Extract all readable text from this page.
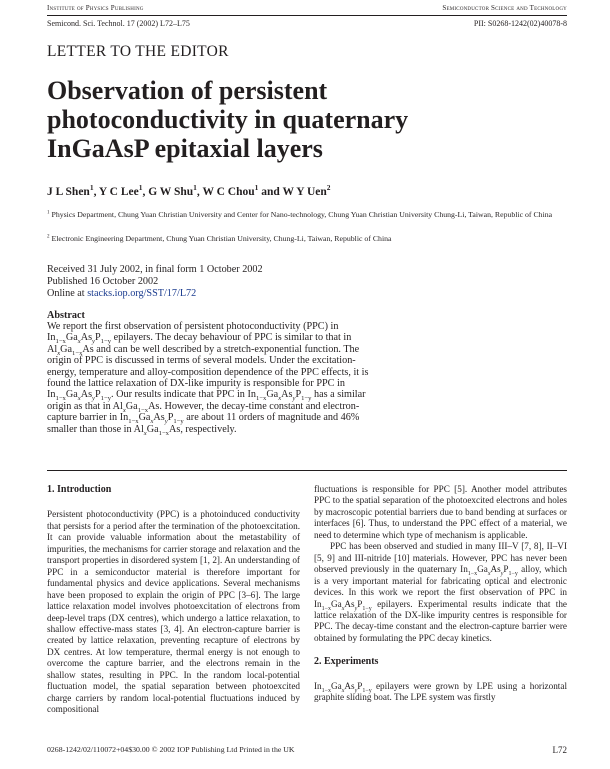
Institute of Physics Publishing	Semiconductor Science and Technology
Semicond. Sci. Technol. 17 (2002) L72–L75	PII: S0268-1242(02)40078-8
LETTER TO THE EDITOR
Observation of persistent
photoconductivity in quaternary
InGaAsP epitaxial layers
J L Shen$^1$, Y C Lee$^1$, G W Shu$^1$, W C Chou$^1$ and W Y Uen$^2$
$^1$ Physics Department, Chung Yuan Christian University and Center for Nano-technology, Chung Yuan Christian University Chung-Li, Taiwan, Republic of China
$^2$ Electronic Engineering Department, Chung Yuan Christian University, Chung-Li, Taiwan, Republic of China
Received 31 July 2002, in final form 1 October 2002
Published 16 October 2002
Online at stacks.iop.org/SST/17/L72
Abstract
We report the first observation of persistent photoconductivity (PPC) in $In_{1-x}Ga_xAs_yP_{1-y}$ epilayers. The decay behaviour of PPC is similar to that in $Al_xGa_{1-x}As$ and can be well described by a stretch-exponential function. The origin of PPC is discussed in terms of several models. Under the excitation-energy, temperature and alloy-composition dependence of the PPC effects, it is found the lattice relaxation of DX-like impurity is responsible for PPC in $In_{1-x}Ga_xAs_yP_{1-y}$. Our results indicate that PPC in $In_{1-x}Ga_xAs_yP_{1-y}$ has a similar origin as that in $Al_xGa_{1-x}As$. However, the decay-time constant and electron-capture barrier in $In_{1-x}Ga_xAs_yP_{1-y}$ are about 11 orders of magnitude and 46% smaller than those in $Al_xGa_{1-x}As$, respectively.
1. Introduction

Persistent photoconductivity (PPC) is a photoinduced conductivity that persists for a period after the termination of the photoexcitation. It can provide valuable information about the metastability of impurities, the mechanisms for carrier storage and relaxation and the transport properties in disordered system [1, 2]. An understanding of PPC in a semiconductor material is therefore important for fundamental physics and device applications. Several mechanisms have been proposed to explain the origin of PPC [3–6]. The large lattice relaxation model involves photoexcitation of electrons from deep-level traps (DX centres), which undergo a lattice relaxation, to shallow effective-mass states [3, 4]. An electron-capture barrier is created by lattice relaxation, preventing recapture of electrons by DX centres. At low temperature, thermal energy is not enough to overcome the capture barrier, and the electrons remain in the shallow states, resulting in PPC. In the random local-potential fluctuation model, the spatial separation between photoexcited charge carriers by random local-potential fluctuations induced by compositional

fluctuations is responsible for PPC [5]. Another model attributes PPC to the spatial separation of the photoexcited electrons and holes by macroscopic potential barriers due to band bending at surfaces or interfaces [6]. Thus, to understand the PPC effect of a material, we need to determine which type of mechanism is applicable.

PPC has been observed and studied in many III–V [7, 8], II–VI [5, 9] and III-nitride [10] materials. However, PPC has never been observed previously in the quaternary $In_{1-x}Ga_xAs_yP_{1-y}$ alloy, which is a very important material for fabricating optical and electronic devices. In this work we report the first observation of PPC in $In_{1-x}Ga_xAs_yP_{1-y}$ epilayers. Experimental results indicate that the lattice relaxation of the DX-like impurity centres is responsible for PPC. The decay-time constant and the electron-capture barrier were obtained by formulating the PPC decay kinetics.

2. Experiments

$In_{1-x}Ga_xAs_yP_{1-y}$ epilayers were grown by LPE using a horizontal graphite sliding boat. The LPE system was firstly

0268-1242/02/110072+04$30.00 © 2002 IOP Publishing Ltd Printed in the UK	L72
